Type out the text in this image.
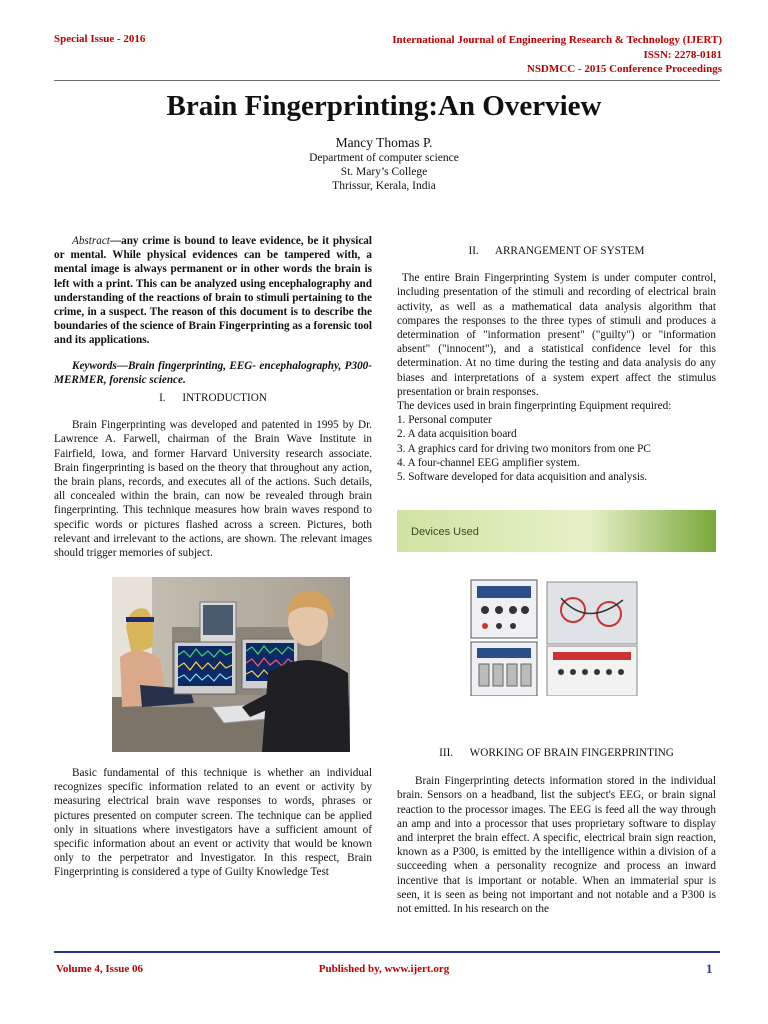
Special Issue - 2016	International Journal of Engineering Research & Technology (IJERT)
ISSN: 2278-0181
NSDMCC - 2015 Conference Proceedings
Brain Fingerprinting:An Overview
Mancy Thomas P.
Department of computer science
St. Mary’s College
Thrissur, Kerala, India

Abstract—any crime is bound to leave evidence, be it physical or mental. While physical evidences can be tampered with, a mental image is always permanent or in other words the brain is left with a print. This can be analyzed using encephalography and understanding of the reactions of brain to stimuli pertaining to the crime, in a suspect. The reason of this document is to describe the boundaries of the science of Brain Fingerprinting as a forensic tool and its applications.

Keywords—Brain fingerprinting, EEG- encephalography, P300-MERMER, forensic science.

I.      INTRODUCTION

Brain Fingerprinting was developed and patented in 1995 by Dr. Lawrence A. Farwell, chairman of the Brain Wave Institute in Fairfield, Iowa, and former Harvard University research associate. Brain fingerprinting is based on the theory that throughout any action, the brain plans, records, and executes all of the actions. Such details, all concealed within the brain, can now be revealed through brain fingerprinting. This technique measures how brain waves respond to specific words or pictures flashed across a screen. Pictures, both relevant and irrelevant to the actions, are shown. The relevant images should trigger memories of subject.

Basic fundamental of this technique is whether an individual recognizes specific information related to an event or activity by measuring electrical brain wave responses to words, phrases or pictures presented on computer screen. The technique can be applied only in situations where investigators have a sufficient amount of specific information about an event or activity that would be known only to the perpetrator and Investigator. In this respect, Brain Fingerprinting is considered a type of Guilty Knowledge Test

II.      ARRANGEMENT OF SYSTEM

The entire Brain Fingerprinting System is under computer control, including presentation of the stimuli and recording of electrical brain activity, as well as a mathematical data analysis algorithm that compares the responses to the three types of stimuli and produces a determination of "information present" ("guilty") or "information absent" ("innocent"), and a statistical confidence level for this determination. At no time during the testing and data analysis do any biases and interpretations of a system expert affect the stimulus presentation or brain responses.

The devices used in brain fingerprinting Equipment required:

1. Personal computer

2. A data acquisition board

3. A graphics card for driving two monitors from one PC

4. A four-channel EEG amplifier system.

5. Software developed for data acquisition and analysis.

Devices Used

III.      WORKING OF BRAIN FINGERPRINTING

Brain Fingerprinting detects information stored in the individual brain. Sensors on a headband, list the subject's EEG, or brain signal reaction to the processor images. The EEG is feed all the way through an amp and into a processor that uses proprietary software to display and interpret the brain effect. A specific, electrical brain sign reaction, known as a P300, is emitted by the intelligence within a division of a succeeding when a personality recognize and process an inward incentive that is important or notable. When an immaterial spur is seen, it is seen as being not important and not notable and a P300 is not emitted. In his research on the

Volume 4, Issue 06	Published by, www.ijert.org	1
